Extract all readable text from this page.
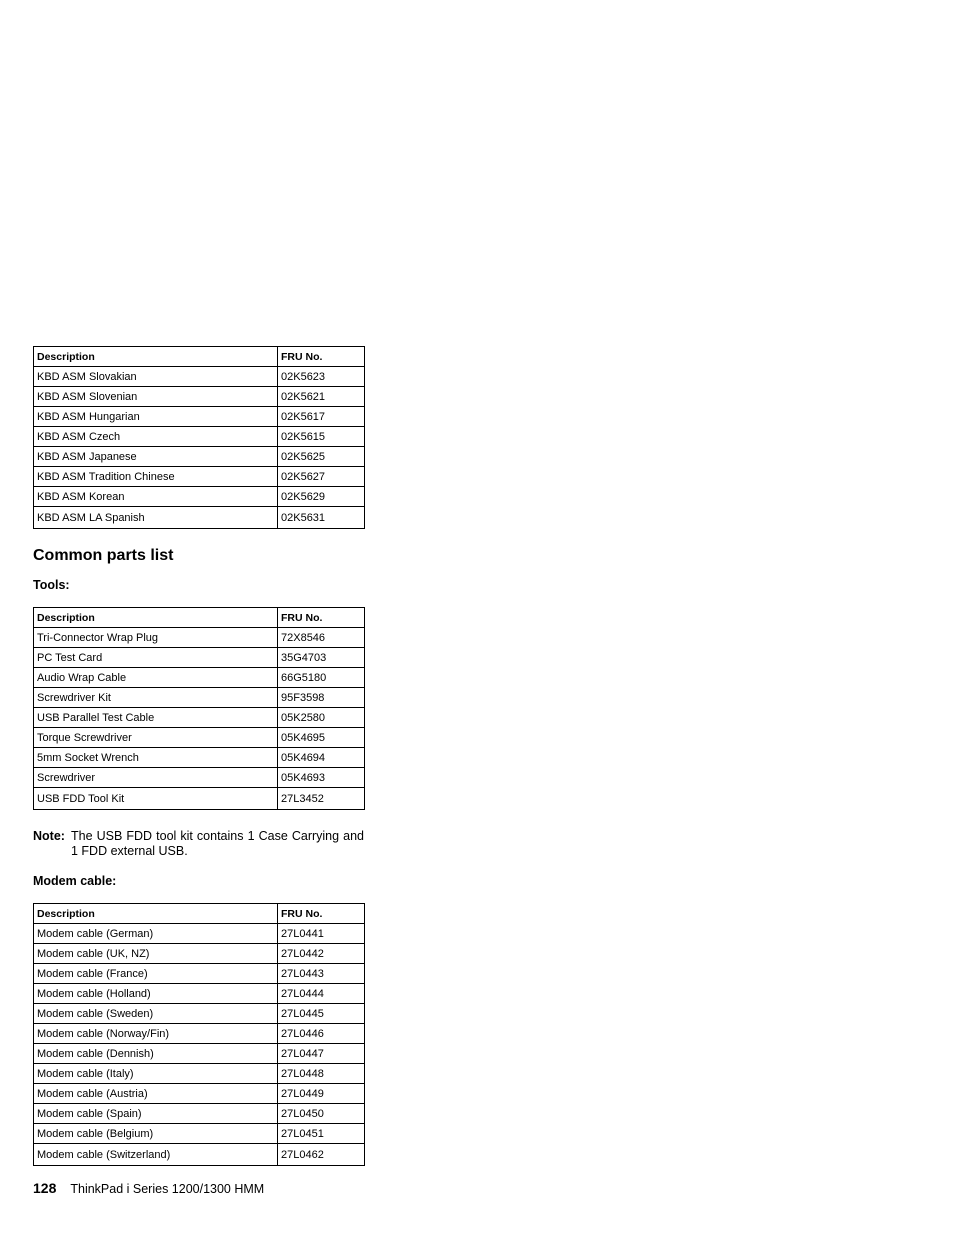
Description	FRU No.
KBD ASM Slovakian	02K5623
KBD ASM Slovenian	02K5621
KBD ASM Hungarian	02K5617
KBD ASM Czech	02K5615
KBD ASM Japanese	02K5625
KBD ASM Tradition Chinese	02K5627
KBD ASM Korean	02K5629
KBD ASM LA Spanish	02K5631
Common parts list
Tools:
Description	FRU No.
Tri-Connector Wrap Plug	72X8546
PC Test Card	35G4703
Audio Wrap Cable	66G5180
Screwdriver Kit	95F3598
USB Parallel Test Cable	05K2580
Torque Screwdriver	05K4695
5mm Socket Wrench	05K4694
Screwdriver	05K4693
USB FDD Tool Kit	27L3452
Note: The USB FDD tool kit contains 1 Case Carrying and 1 FDD external USB.
Modem cable:
Description	FRU No.
Modem cable (German)	27L0441
Modem cable (UK, NZ)	27L0442
Modem cable (France)	27L0443
Modem cable (Holland)	27L0444
Modem cable (Sweden)	27L0445
Modem cable (Norway/Fin)	27L0446
Modem cable (Dennish)	27L0447
Modem cable (Italy)	27L0448
Modem cable (Austria)	27L0449
Modem cable (Spain)	27L0450
Modem cable (Belgium)	27L0451
Modem cable (Switzerland)	27L0462
128 ThinkPad i Series 1200/1300 HMM
